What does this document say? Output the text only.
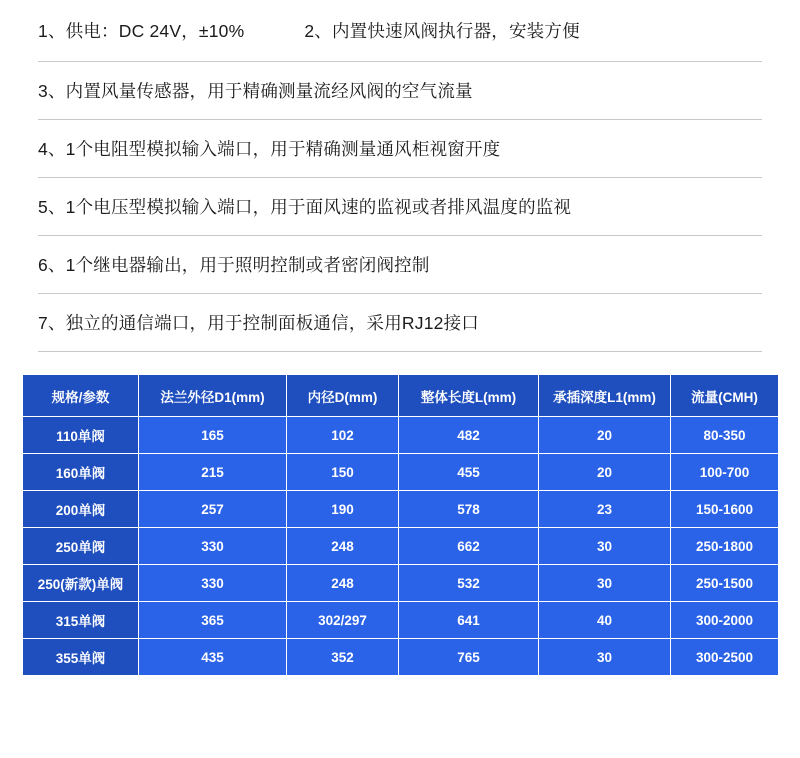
1、供电：DC 24V，±10%	2、内置快速风阀执行器，安装方便
3、内置风量传感器，用于精确测量流经风阀的空气流量
4、1个电阻型模拟输入端口，用于精确测量通风柜视窗开度
5、1个电压型模拟输入端口，用于面风速的监视或者排风温度的监视
6、1个继电器输出，用于照明控制或者密闭阀控制
7、独立的通信端口，用于控制面板通信，采用RJ12接口
规格/参数	法兰外径D1(mm)	内径D(mm)	整体长度L(mm)	承插深度L1(mm)	流量(CMH)
110单阀	165	102	482	20	80-350
160单阀	215	150	455	20	100-700
200单阀	257	190	578	23	150-1600
250单阀	330	248	662	30	250-1800
250(新款)单阀	330	248	532	30	250-1500
315单阀	365	302/297	641	40	300-2000
355单阀	435	352	765	30	300-2500
